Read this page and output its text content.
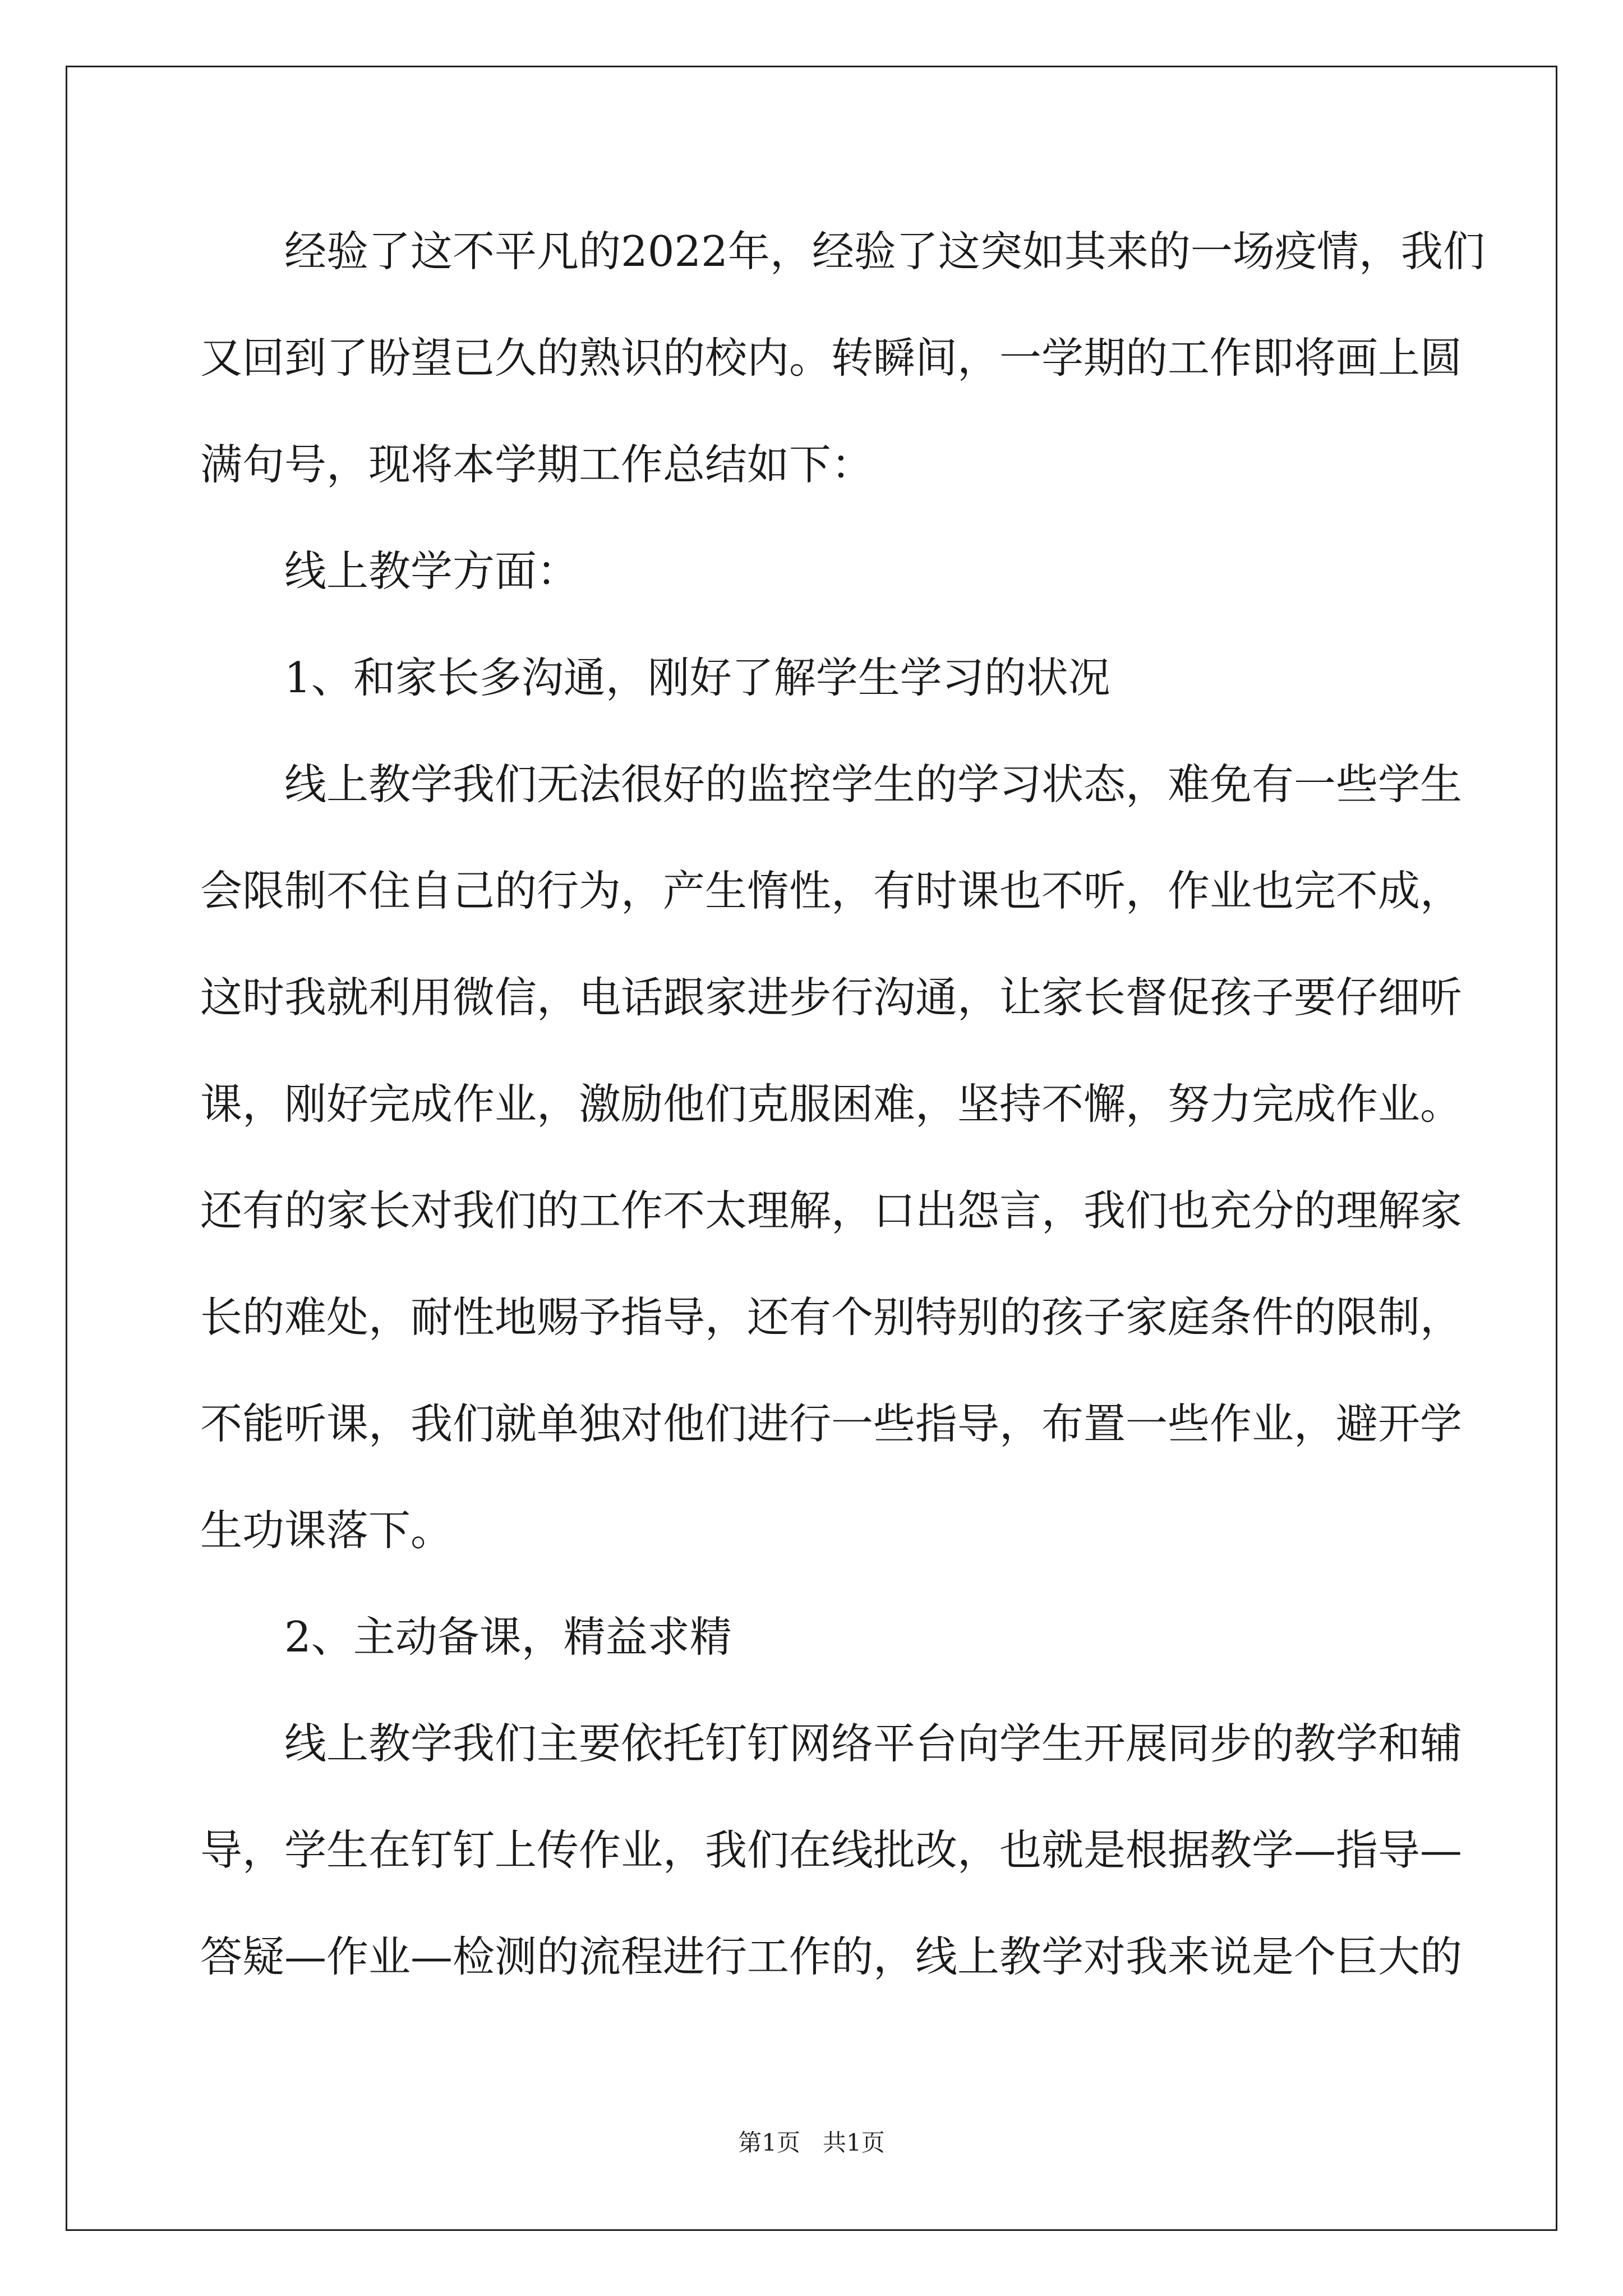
经验了这不平凡的2022年，经验了这突如其来的一场疫情，我们
又回到了盼望已久的熟识的校内。转瞬间，一学期的工作即将画上圆
满句号，现将本学期工作总结如下：
线上教学方面：
1、和家长多沟通，刚好了解学生学习的状况
线上教学我们无法很好的监控学生的学习状态，难免有一些学生
会限制不住自己的行为，产生惰性，有时课也不听，作业也完不成，
这时我就利用微信，电话跟家进步行沟通，让家长督促孩子要仔细听
课，刚好完成作业，激励他们克服困难，坚持不懈，努力完成作业。
还有的家长对我们的工作不太理解，口出怨言，我们也充分的理解家
长的难处，耐性地赐予指导，还有个别特别的孩子家庭条件的限制，
不能听课，我们就单独对他们进行一些指导，布置一些作业，避开学
生功课落下。
2、主动备课，精益求精
线上教学我们主要依托钉钉网络平台向学生开展同步的教学和辅
导，学生在钉钉上传作业，我们在线批改，也就是根据教学—指导—
答疑—作业—检测的流程进行工作的，线上教学对我来说是个巨大的
第1页   共1页
